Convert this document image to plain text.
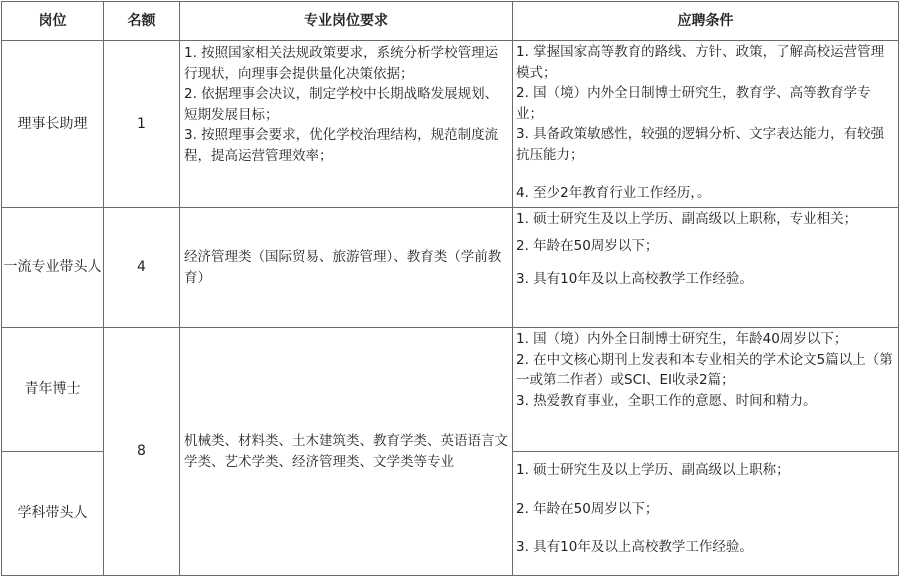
岗位	名额	专业岗位要求	应聘条件
理事长助理	1	1. 按照国家相关法规政策要求，系统分析学校管理运行现状，向理事会提供量化决策依据；
2. 依据理事会决议，制定学校中长期战略发展规划、短期发展目标；
3. 按照理事会要求，优化学校治理结构，规范制度流程，提高运营管理效率；	1. 掌握国家高等教育的路线、方针、政策，了解高校运营管理模式；
2. 国（境）内外全日制博士研究生，教育学、高等教育学专业；
3. 具备政策敏感性，较强的逻辑分析、文字表达能力，有较强抗压能力；
4. 至少2年教育行业工作经历，。

一流专业带头人	4	经济管理类（国际贸易、旅游管理）、教育类（学前教育）	1. 硕士研究生及以上学历、副高级以上职称，专业相关；
2. 年龄在50周岁以下；
3. 具有10年及以上高校教学工作经验。

青年博士	8	机械类、材料类、土木建筑类、教育学类、英语语言文学类、艺术学类、经济管理类、文学类等专业	1. 国（境）内外全日制博士研究生，年龄40周岁以下；
2. 在中文核心期刊上发表和本专业相关的学术论文5篇以上（第一或第二作者）或SCI、EI收录2篇；
3. 热爱教育事业，全职工作的意愿、时间和精力。

学科带头人			1. 硕士研究生及以上学历、副高级以上职称；
2. 年龄在50周岁以下；
3. 具有10年及以上高校教学工作经验。
